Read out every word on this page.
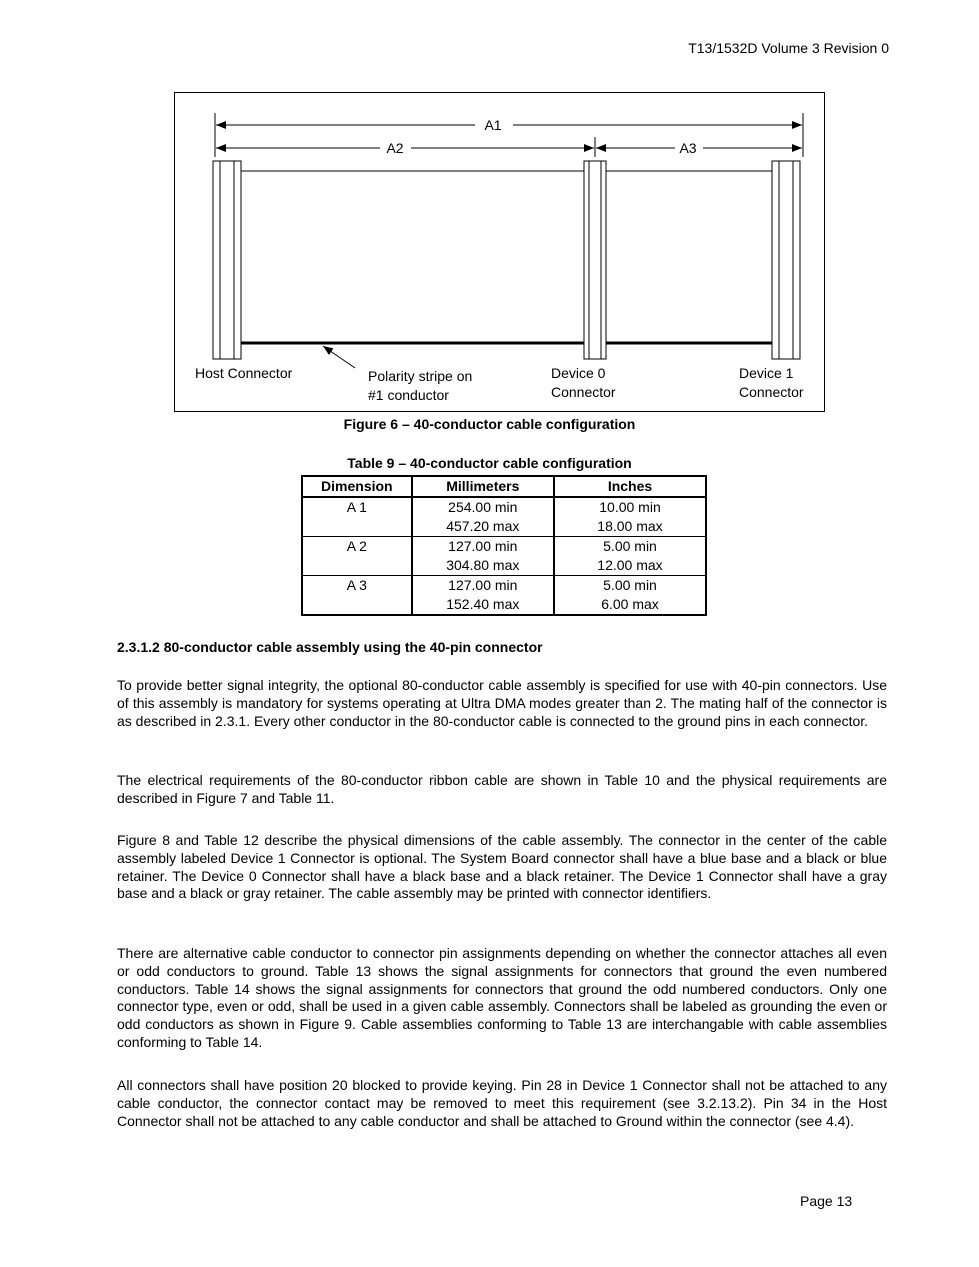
T13/1532D Volume 3 Revision 0
A1
A2	A3
Host Connector	Polarity stripe on
#1 conductor
Device 0
Connector
Device 1
Connector
Figure 6 – 40-conductor cable configuration
Table 9 – 40-conductor cable configuration
Dimension	Millimeters	Inches
A 1	254.00 min	10.00 min
	457.20 max	18.00 max
A 2	127.00 min	5.00 min
	304.80 max	12.00 max
A 3	127.00 min	5.00 min
	152.40 max	6.00 max
2.3.1.2 80-conductor cable assembly using the 40-pin connector

To provide better signal integrity, the optional 80-conductor cable assembly is specified for use with 40-pin connectors. Use of this assembly is mandatory for systems operating at Ultra DMA modes greater than 2. The mating half of the connector is as described in 2.3.1. Every other conductor in the 80-conductor cable is connected to the ground pins in each connector.

The electrical requirements of the 80-conductor ribbon cable are shown in Table 10 and the physical requirements are described in Figure 7 and Table 11.

Figure 8 and Table 12 describe the physical dimensions of the cable assembly. The connector in the center of the cable assembly labeled Device 1 Connector is optional. The System Board connector shall have a blue base and a black or blue retainer. The Device 0 Connector shall have a black base and a black retainer. The Device 1 Connector shall have a gray base and a black or gray retainer. The cable assembly may be printed with connector identifiers.

There are alternative cable conductor to connector pin assignments depending on whether the connector attaches all even or odd conductors to ground. Table 13 shows the signal assignments for connectors that ground the even numbered conductors. Table 14 shows the signal assignments for connectors that ground the odd numbered conductors. Only one connector type, even or odd, shall be used in a given cable assembly. Connectors shall be labeled as grounding the even or odd conductors as shown in Figure 9. Cable assemblies conforming to Table 13 are interchangable with cable assemblies conforming to Table 14.

All connectors shall have position 20 blocked to provide keying. Pin 28 in Device 1 Connector shall not be attached to any cable conductor, the connector contact may be removed to meet this requirement (see 3.2.13.2). Pin 34 in the Host Connector shall not be attached to any cable conductor and shall be attached to Ground within the connector (see 4.4).

Page 13
